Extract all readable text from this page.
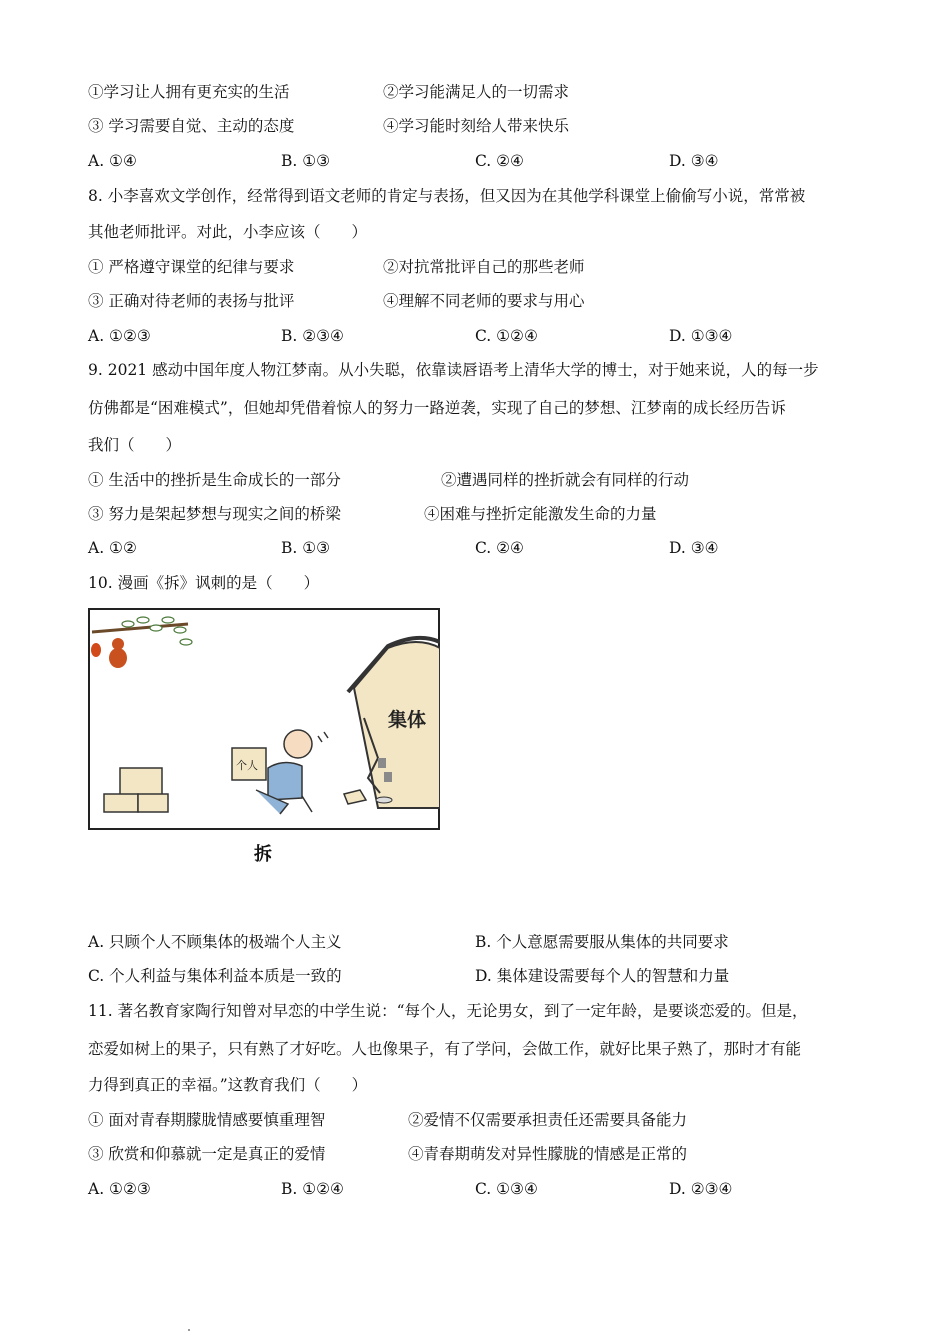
①学习让人拥有更充实的生活	②学习能满足人的一切需求
③ 学习需要自觉、主动的态度	④学习能时刻给人带来快乐
A. ①④	B. ①③	C. ②④	D. ③④
8. 小李喜欢文学创作，经常得到语文老师的肯定与表扬，但又因为在其他学科课堂上偷偷写小说，常常被
其他老师批评。对此，小李应该（　　）
① 严格遵守课堂的纪律与要求	②对抗常批评自己的那些老师
③ 正确对待老师的表扬与批评	④理解不同老师的要求与用心
A. ①②③	B. ②③④	C. ①②④	D. ①③④
9. 2021 感动中国年度人物江梦南。从小失聪，依靠读唇语考上清华大学的博士，对于她来说，人的每一步
仿佛都是“困难模式”，但她却凭借着惊人的努力一路逆袭，实现了自己的梦想、江梦南的成长经历告诉
我们（　　）
① 生活中的挫折是生命成长的一部分	②遭遇同样的挫折就会有同样的行动
③ 努力是架起梦想与现实之间的桥梁	④困难与挫折定能激发生命的力量
A. ①②	B. ①③	C. ②④	D. ③④
10. 漫画《拆》讽刺的是（　　）
集体
个人
拆
A. 只顾个人不顾集体的极端个人主义	B. 个人意愿需要服从集体的共同要求
C. 个人利益与集体利益本质是一致的	D. 集体建设需要每个人的智慧和力量
11. 著名教育家陶行知曾对早恋的中学生说：“每个人，无论男女，到了一定年龄，是要谈恋爱的。但是，
恋爱如树上的果子，只有熟了才好吃。人也像果子，有了学问，会做工作，就好比果子熟了，那时才有能
力得到真正的幸福。”这教育我们（　　）
① 面对青春期朦胧情感要慎重理智	②爱情不仅需要承担责任还需要具备能力
③ 欣赏和仰慕就一定是真正的爱情	④青春期萌发对异性朦胧的情感是正常的
A. ①②③	B. ①②④	C. ①③④	D. ②③④
